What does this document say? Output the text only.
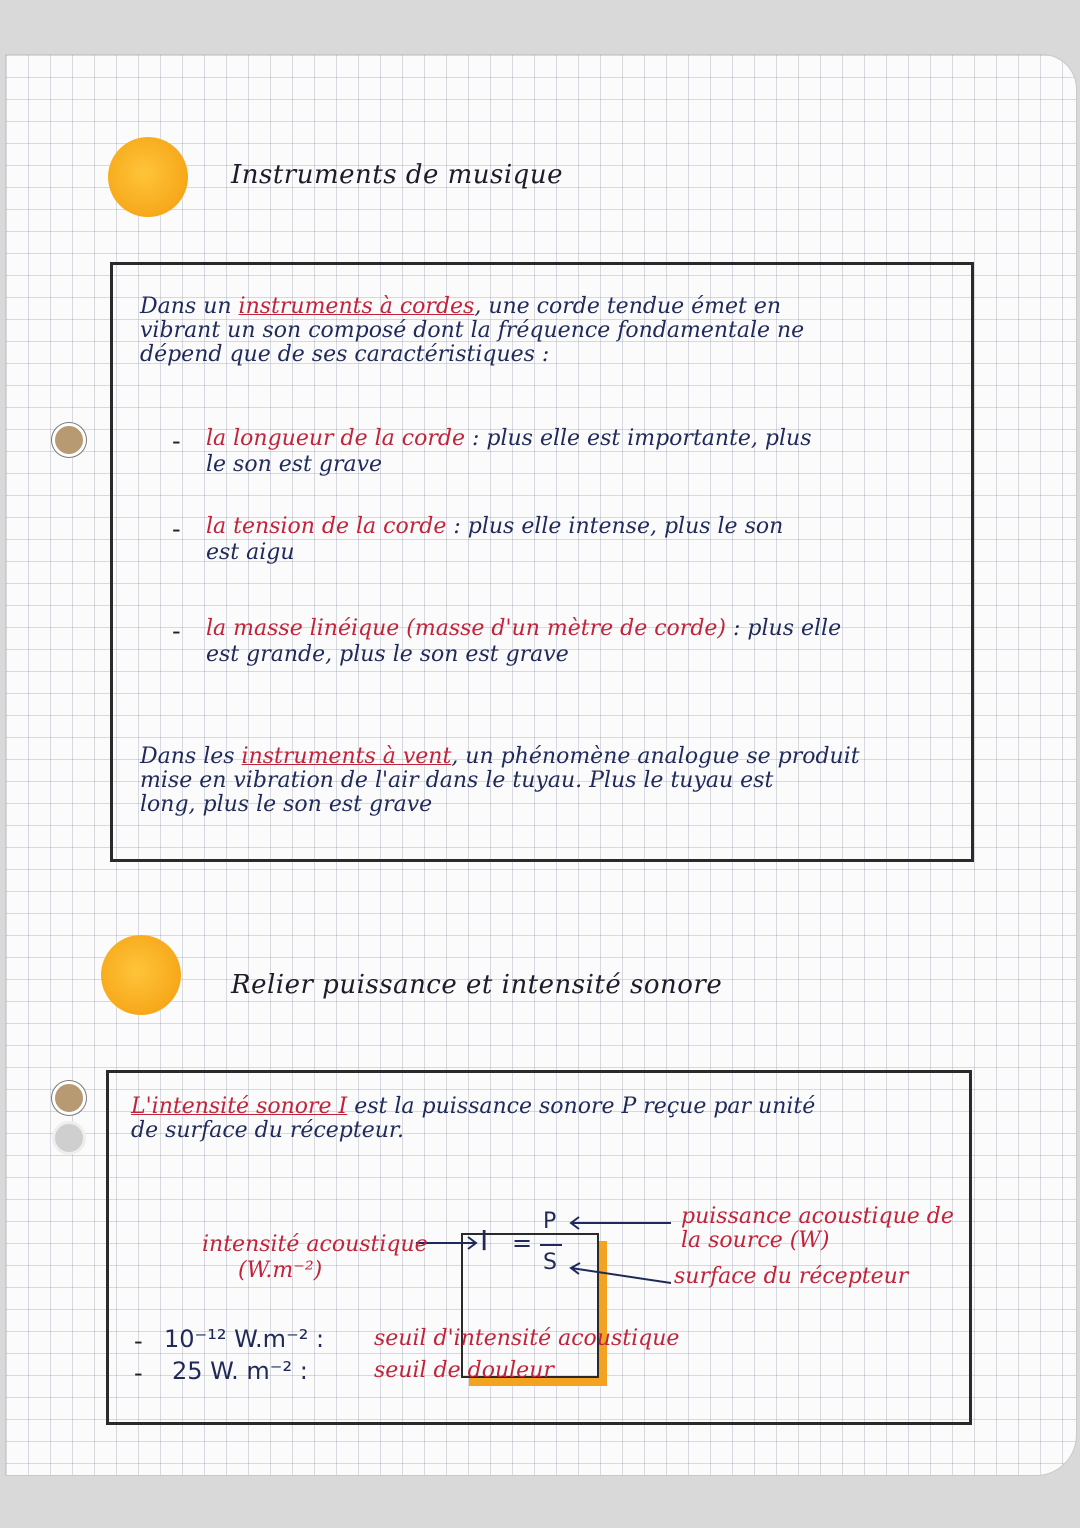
Instruments de musique
Dans un instruments à cordes, une corde tendue émet en
vibrant un son composé dont la fréquence fondamentale ne
dépend que de ses caractéristiques :
- la longueur de la corde : plus elle est importante, plus
le son est grave
- la tension de la corde : plus elle intense, plus le son
est aigu
- la masse linéique (masse d'un mètre de corde) : plus elle
est grande, plus le son est grave
Dans les instruments à vent, un phénomène analogue se produit
mise en vibration de l'air dans le tuyau. Plus le tuyau est
long, plus le son est grave
Relier puissance et intensité sonore
L'intensité sonore I est la puissance sonore P reçue par unité
de surface du récepteur.
I =
P
S
intensité acoustique
(W.m⁻²)
puissance acoustique de
la source (W)
surface du récepteur
- 10⁻¹² W.m⁻² : seuil d'intensité acoustique
- 25 W. m⁻² :	seuil de douleur
